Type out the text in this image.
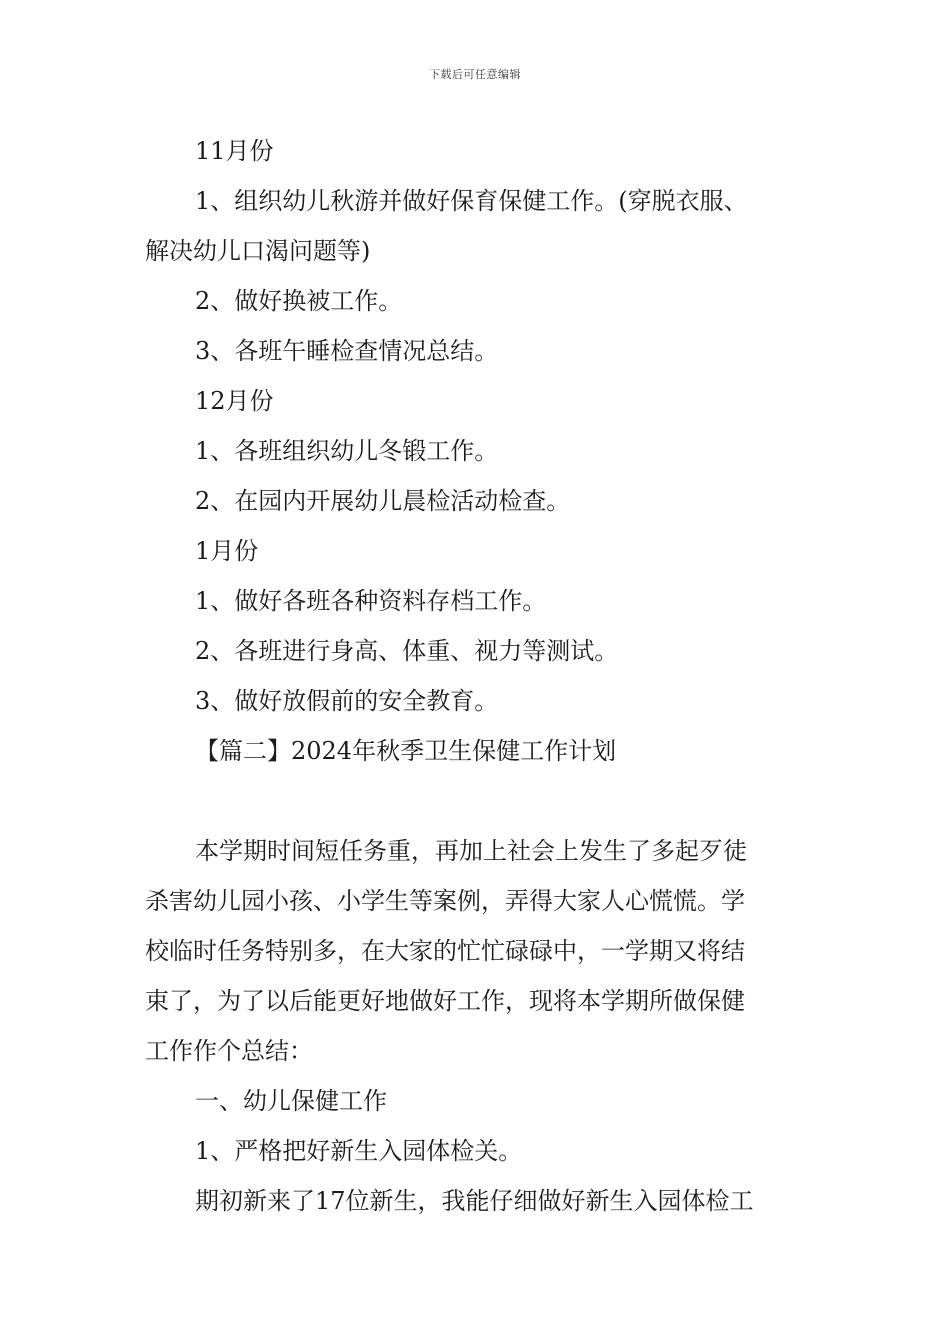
下载后可任意编辑
11月份
1、组织幼儿秋游并做好保育保健工作。(穿脱衣服、
解决幼儿口渴问题等)
2、做好换被工作。
3、各班午睡检查情况总结。
12月份
1、各班组织幼儿冬锻工作。
2、在园内开展幼儿晨检活动检查。
1月份
1、做好各班各种资料存档工作。
2、各班进行身高、体重、视力等测试。
3、做好放假前的安全教育。
【篇二】2024年秋季卫生保健工作计划
本学期时间短任务重，再加上社会上发生了多起歹徒
杀害幼儿园小孩、小学生等案例，弄得大家人心慌慌。学
校临时任务特别多，在大家的忙忙碌碌中，一学期又将结
束了，为了以后能更好地做好工作，现将本学期所做保健
工作作个总结：
一、幼儿保健工作
1、严格把好新生入园体检关。
期初新来了17位新生，我能仔细做好新生入园体检工
